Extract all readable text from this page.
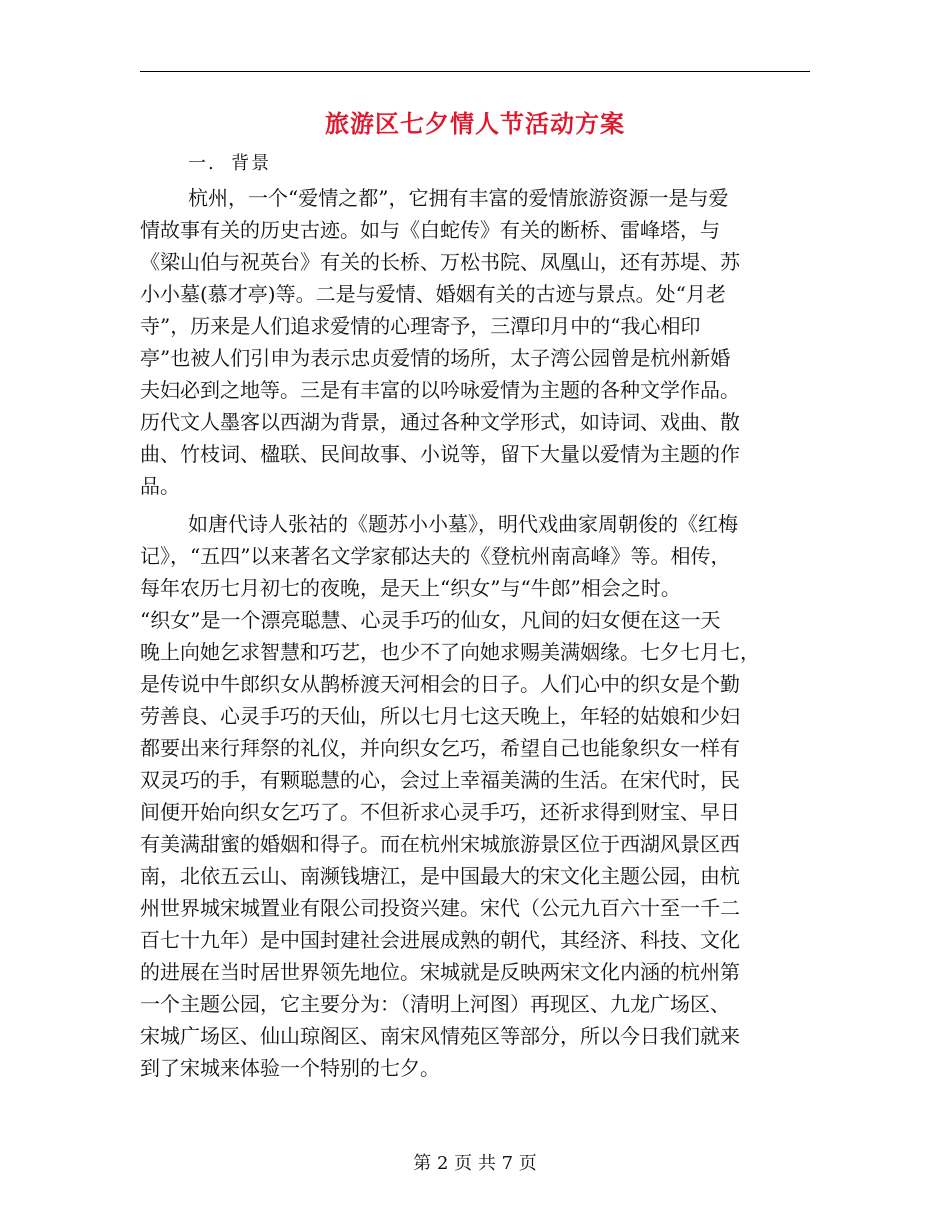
旅游区七夕情人节活动方案
一.  背景
杭州，一个“爱情之都”，它拥有丰富的爱情旅游资源一是与爱
情故事有关的历史古迹。如与《白蛇传》有关的断桥、雷峰塔，与
《梁山伯与祝英台》有关的长桥、万松书院、凤凰山，还有苏堤、苏
小小墓(慕才亭)等。二是与爱情、婚姻有关的古迹与景点。处“月老
寺”，历来是人们追求爱情的心理寄予，三潭印月中的“我心相印
亭”也被人们引申为表示忠贞爱情的场所，太子湾公园曾是杭州新婚
夫妇必到之地等。三是有丰富的以吟咏爱情为主题的各种文学作品。
历代文人墨客以西湖为背景，通过各种文学形式，如诗词、戏曲、散
曲、竹枝词、楹联、民间故事、小说等，留下大量以爱情为主题的作
品。
如唐代诗人张祜的《题苏小小墓》，明代戏曲家周朝俊的《红梅
记》，“五四”以来著名文学家郁达夫的《登杭州南高峰》等。相传，
每年农历七月初七的夜晚，是天上“织女”与“牛郎”相会之时。
“织女”是一个漂亮聪慧、心灵手巧的仙女，凡间的妇女便在这一天
晚上向她乞求智慧和巧艺，也少不了向她求赐美满姻缘。七夕七月七，
是传说中牛郎织女从鹊桥渡天河相会的日子。人们心中的织女是个勤
劳善良、心灵手巧的天仙，所以七月七这天晚上，年轻的姑娘和少妇
都要出来行拜祭的礼仪，并向织女乞巧，希望自己也能象织女一样有
双灵巧的手，有颗聪慧的心，会过上幸福美满的生活。在宋代时，民
间便开始向织女乞巧了。不但祈求心灵手巧，还祈求得到财宝、早日
有美满甜蜜的婚姻和得子。而在杭州宋城旅游景区位于西湖风景区西
南，北依五云山、南濒钱塘江，是中国最大的宋文化主题公园，由杭
州世界城宋城置业有限公司投资兴建。宋代（公元九百六十至一千二
百七十九年）是中国封建社会进展成熟的朝代，其经济、科技、文化
的进展在当时居世界领先地位。宋城就是反映两宋文化内涵的杭州第
一个主题公园，它主要分为：（清明上河图）再现区、九龙广场区、
宋城广场区、仙山琼阁区、南宋风情苑区等部分，所以今日我们就来
到了宋城来体验一个特别的七夕。
第 2 页 共 7 页
